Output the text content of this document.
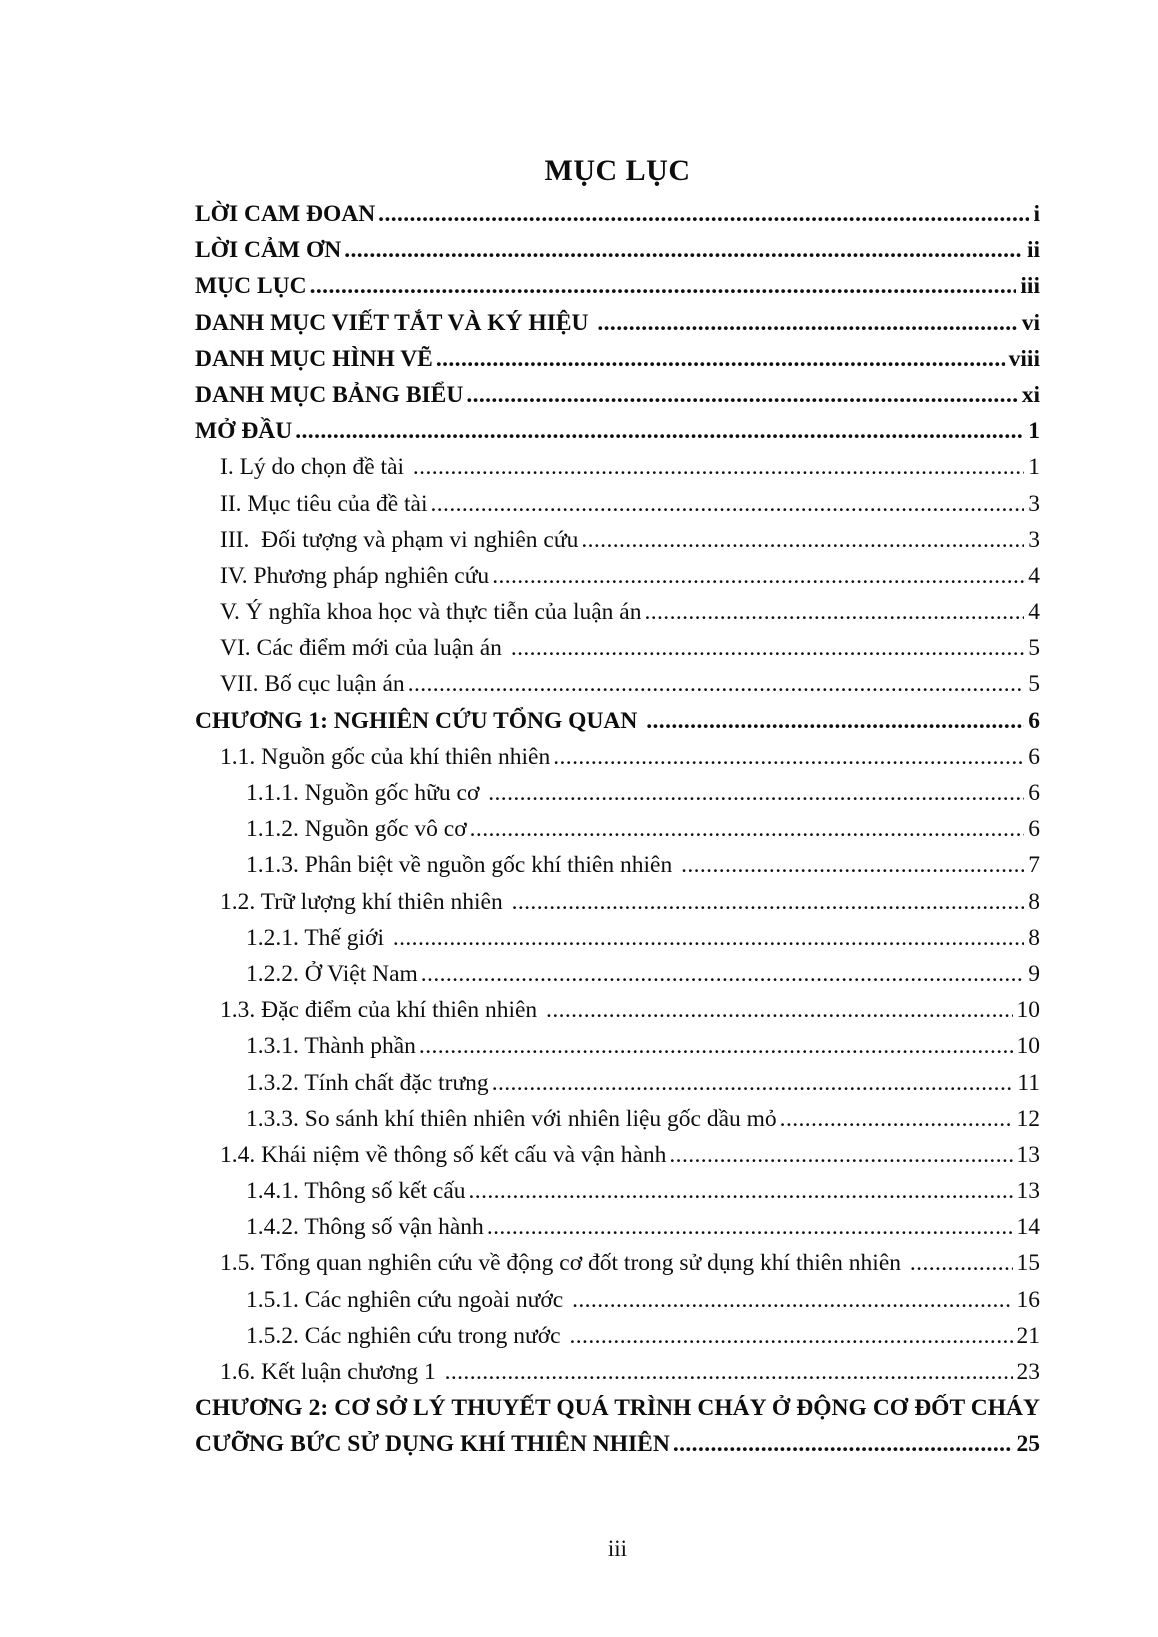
MỤC LỤC
LỜI CAM ĐOAN .....	i
LỜI CẢM ƠN .....	ii
MỤC LỤC .....	iii
DANH MỤC VIẾT TẮT VÀ KÝ HIỆU .....	vi
DANH MỤC HÌNH VẼ .....	viii
DANH MỤC BẢNG BIỂU .....	xi
MỞ ĐẦU .....	1
I. Lý do chọn đề tài .....	1
II. Mục tiêu của đề tài .....	3
III.  Đối tượng và phạm vi nghiên cứu .....	3
IV. Phương pháp nghiên cứu .....	4
V. Ý nghĩa khoa học và thực tiễn của luận án .....	4
VI. Các điểm mới của luận án .....	5
VII. Bố cục luận án .....	5
CHƯƠNG 1: NGHIÊN CỨU TỔNG QUAN .....	6
1.1. Nguồn gốc của khí thiên nhiên .....	6
1.1.1. Nguồn gốc hữu cơ .....	6
1.1.2. Nguồn gốc vô cơ .....	6
1.1.3. Phân biệt về nguồn gốc khí thiên nhiên .....	7
1.2. Trữ lượng khí thiên nhiên .....	8
1.2.1. Thế giới .....	8
1.2.2. Ở Việt Nam .....	9
1.3. Đặc điểm của khí thiên nhiên .....	10
1.3.1. Thành phần .....	10
1.3.2. Tính chất đặc trưng .....	11
1.3.3. So sánh khí thiên nhiên với nhiên liệu gốc dầu mỏ .....	12
1.4. Khái niệm về thông số kết cấu và vận hành .....	13
1.4.1. Thông số kết cấu .....	13
1.4.2. Thông số vận hành .....	14
1.5. Tổng quan nghiên cứu về động cơ đốt trong sử dụng khí thiên nhiên .....	15
1.5.1. Các nghiên cứu ngoài nước .....	16
1.5.2. Các nghiên cứu trong nước .....	21
1.6. Kết luận chương 1 .....	23
CHƯƠNG 2: CƠ SỞ LÝ THUYẾT QUÁ TRÌNH CHÁY Ở ĐỘNG CƠ ĐỐT CHÁY
CƯỠNG BỨC SỬ DỤNG KHÍ THIÊN NHIÊN .....	25
iii
